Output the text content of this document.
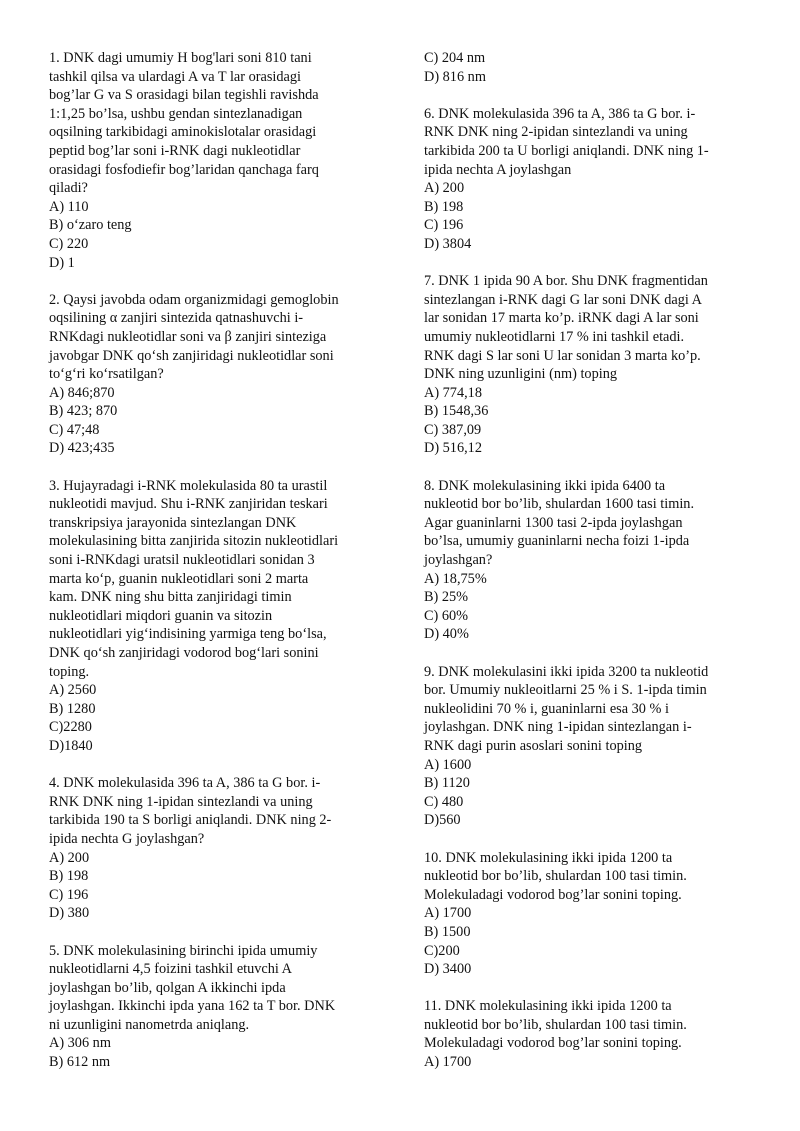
1. DNK dagi umumiy H bog'lari soni 810 tani
tashkil qilsa va ulardagi A va T lar orasidagi
bog’lar G va S orasidagi bilan tegishli ravishda
1:1,25 bo’lsa, ushbu gendan sintezlanadigan
oqsilning tarkibidagi aminokislotalar orasidagi
peptid bog’lar soni i-RNK dagi nukleotidlar
orasidagi fosfodiefir bog’laridan qanchaga farq
qiladi?
A) 110
B) o‘zaro teng
C) 220
D) 1
2. Qaysi javobda odam organizmidagi gemoglobin
oqsilining α zanjiri sintezida qatnashuvchi i-
RNKdagi nukleotidlar soni va β zanjiri sinteziga
javobgar DNK qo‘sh zanjiridagi nukleotidlar soni
to‘g‘ri ko‘rsatilgan?
A) 846;870
B) 423; 870
C) 47;48
D) 423;435
3. Hujayradagi i-RNK molekulasida 80 ta urastil
nukleotidi mavjud. Shu i-RNK zanjiridan teskari
transkripsiya jarayonida sintezlangan DNK
molekulasining bitta zanjirida sitozin nukleotidlari
soni i-RNKdagi uratsil nukleotidlari sonidan 3
marta ko‘p, guanin nukleotidlari soni 2 marta
kam. DNK ning shu bitta zanjiridagi timin
nukleotidlari miqdori guanin va sitozin
nukleotidlari yig‘indisining yarmiga teng bo‘lsa,
DNK qo‘sh zanjiridagi vodorod bog‘lari sonini
toping.
A) 2560
B) 1280
C)2280
D)1840
4. DNK molekulasida 396 ta A, 386 ta G bor. i-
RNK DNK ning 1-ipidan sintezlandi va uning
tarkibida 190 ta S borligi aniqlandi. DNK ning 2-
ipida nechta G joylashgan?
A) 200
B) 198
C) 196
D) 380
5. DNK molekulasining birinchi ipida umumiy
nukleotidlarni 4,5 foizini tashkil etuvchi A
joylashgan bo’lib, qolgan A ikkinchi ipda
joylashgan. Ikkinchi ipda yana 162 ta T bor. DNK
ni uzunligini nanometrda aniqlang.
A) 306 nm
B) 612 nm
C) 204 nm
D) 816 nm
6. DNK molekulasida 396 ta A, 386 ta G bor. i-
RNK DNK ning 2-ipidan sintezlandi va uning
tarkibida 200 ta U borligi aniqlandi. DNK ning 1-
ipida nechta A joylashgan
A) 200
B) 198
C) 196
D) 3804
7. DNK 1 ipida 90 A bor. Shu DNK fragmentidan
sintezlangan i-RNK dagi G lar soni DNK dagi A
lar sonidan 17 marta ko’p. iRNK dagi A lar soni
umumiy nukleotidlarni 17 % ini tashkil etadi.
RNK dagi S lar soni U lar sonidan 3 marta ko’p.
DNK ning uzunligini (nm) toping
A) 774,18
B) 1548,36
C) 387,09
D) 516,12
8. DNK molekulasining ikki ipida 6400 ta
nukleotid bor bo’lib, shulardan 1600 tasi timin.
Agar guaninlarni 1300 tasi 2-ipda joylashgan
bo’lsa, umumiy guaninlarni necha foizi 1-ipda
joylashgan?
A) 18,75%
B) 25%
C) 60%
D) 40%
9. DNK molekulasini ikki ipida 3200 ta nukleotid
bor. Umumiy nukleoitlarni 25 % i S. 1-ipda timin
nukleolidini 70 % i, guaninlarni esa 30 % i
joylashgan. DNK ning 1-ipidan sintezlangan i-
RNK dagi purin asoslari sonini toping
A) 1600
B) 1120
C) 480
D)560
10. DNK molekulasining ikki ipida 1200 ta
nukleotid bor bo’lib, shulardan 100 tasi timin.
Molekuladagi vodorod bog’lar sonini toping.
A) 1700
B) 1500
C)200
D) 3400
11. DNK molekulasining ikki ipida 1200 ta
nukleotid bor bo’lib, shulardan 100 tasi timin.
Molekuladagi vodorod bog’lar sonini toping.
A) 1700
